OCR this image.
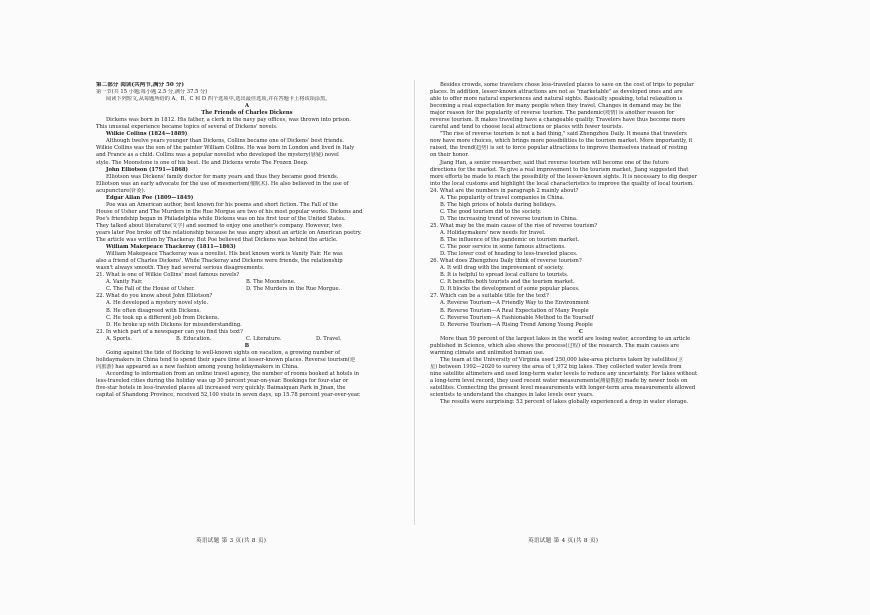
第二部分 阅读(共两节,满分 50 分)
第一节(共 15 小题;每小题 2.5 分,满分 37.5 分)
阅读下列短文,从每题所给的 A、B、C 和 D 四个选项中,选出最佳选项,并在答题卡上将该项涂黑。
A
The Friends of Charles Dickens
Dickens was born in 1812. His father, a clerk in the navy pay offices, was thrown into prison.
This unusual experience became topics of several of Dickens' novels.
Wilkie Collins (1824—1889)
Although twelve years younger than Dickens, Collins became one of Dickens' best friends.
Wilkie Collins was the son of the painter William Collins. He was born in London and lived in Italy
and France as a child. Collins was a popular novelist who developed the mystery(悬疑) novel
style. The Moonstone is one of his best. He and Dickens wrote The Frozen Deep.
John Elliotson (1791—1868)
Elliotson was Dickens' family doctor for many years and thus they became good friends.
Elliotson was an early advocate for the use of mesmerism(催眠术). He also believed in the use of
acupuncture(针灸).
Edgar Allan Poe (1809—1849)
Poe was an American author, best known for his poems and short fiction. The Fall of the
House of Usher and The Murders in the Rue Morgue are two of his most popular works. Dickens and
Poe's friendship began in Philadelphia while Dickens was on his first tour of the United States.
They talked about literature(文学) and seemed to enjoy one another's company. However, two
years later Poe broke off the relationship because he was angry about an article on American poetry.
The article was written by Thackeray. But Poe believed that Dickens was behind the article.
William Makepeace Thackeray (1811—1863)
William Makepeace Thackeray was a novelist. His best known work is Vanity Fair. He was
also a friend of Charles Dickens'. While Thackeray and Dickens were friends, the relationship
wasn't always smooth. They had several serious disagreements.
21. What is one of Wilkie Collins' most famous novels?
A. Vanity Fair.	B. The Moonstone.
C. The Fall of the House of Usher.	D. The Murders in the Rue Morgue.
22. What do you know about John Elliotson?
A. He developed a mystery novel style.
B. He often disagreed with Dickens.
C. He took up a different job from Dickens.
D. He broke up with Dickens for misunderstanding.
23. In which part of a newspaper can you find this text?
A. Sports.	B. Education.	C. Literature.	D. Travel.
B
Going against the tide of flocking to well-known sights on vacation, a growing number of
holidaymakers in China tend to spend their spare time at lesser-known places. Reverse tourism(逆
向旅游) has appeared as a new fashion among young holidaymakers in China.
According to information from an online travel agency, the number of rooms booked at hotels in
less-traveled cities during the holiday was up 30 percent year-on-year. Bookings for four-star or
five-star hotels in less-traveled places all increased very quickly. Baimaiquan Park in Jinan, the
capital of Shandong Province, received 52,100 visits in seven days, up 15.78 percent year-over-year.
Besides crowds, some travelers chose less-traveled places to save on the cost of trips to popular
places. In addition, lesser-known attractions are not as "marketable" as developed ones and are
able to offer more natural experiences and natural sights. Basically speaking, total relaxation is
becoming a real expectation for many people when they travel. Changes in demand may be the
major reason for the popularity of reverse tourism. The pandemic(疫情) is another reason for
reverse tourism. It makes traveling have a changeable quality. Travelers have thus become more
careful and tend to choose local attractions or places with fewer tourists.
"The rise of reverse tourism is not a bad thing," said Zhengzhou Daily. It means that travelers
now have more choices, which brings more possibilities to the tourism market. More importantly, it
raised, the trend(趋势) is set to force popular attractions to improve themselves instead of resting
on their honor.
Jiang Han, a senior researcher, said that reverse tourism will become one of the future
directions for the market. To give a real improvement to the tourism market, Jiang suggested that
more efforts be made to reach the possibility of the lesser-known sights. It is necessary to dig deeper
into the local customs and highlight the local characteristics to improve the quality of local tourism.
24. What are the numbers in paragraph 2 mainly about?
A. The popularity of travel companies in China.
B. The high prices of hotels during holidays.
C. The good tourism did to the society.
D. The increasing trend of reverse tourism in China.
25. What may be the main cause of the rise of reverse tourism?
A. Holidaymakers' new needs for travel.
B. The influence of the pandemic on tourism market.
C. The poor service in some famous attractions.
D. The lower cost of heading to less-traveled places.
26. What does Zhengzhou Daily think of reverse tourism?
A. It will drag with the improvement of society.
B. It is helpful to spread local culture to tourists.
C. It benefits both tourists and the tourism market.
D. It blocks the development of some popular places.
27. Which can be a suitable title for the text?
A. Reverse Tourism—A Friendly Way to the Environment
B. Reverse Tourism—A Real Expectation of Many People
C. Reverse Tourism—A Fashionable Method to Be Yourself
D. Reverse Tourism—A Rising Trend Among Young People
C
More than 50 percent of the largest lakes in the world are losing water, according to an article
published in Science, which also shows the process(过程) of the research. The main causes are
warming climate and unlimited human use.
The team at the University of Virginia used 250,000 lake-area pictures taken by satellites(卫
星) between 1992—2020 to survey the area of 1,972 big lakes. They collected water levels from
nine satellite altimeters and used long-term water levels to reduce any uncertainty. For lakes without
a long-term level record, they used recent water measurements(测量数据) made by newer tools on
satellites. Connecting the present level measurements with longer-term area measurements allowed
scientists to understand the changes in lake levels over years.
The results were surprising: 53 percent of lakes globally experienced a drop in water storage.
英语试题 第 3 页(共 8 页)	英语试题 第 4 页(共 8 页)
